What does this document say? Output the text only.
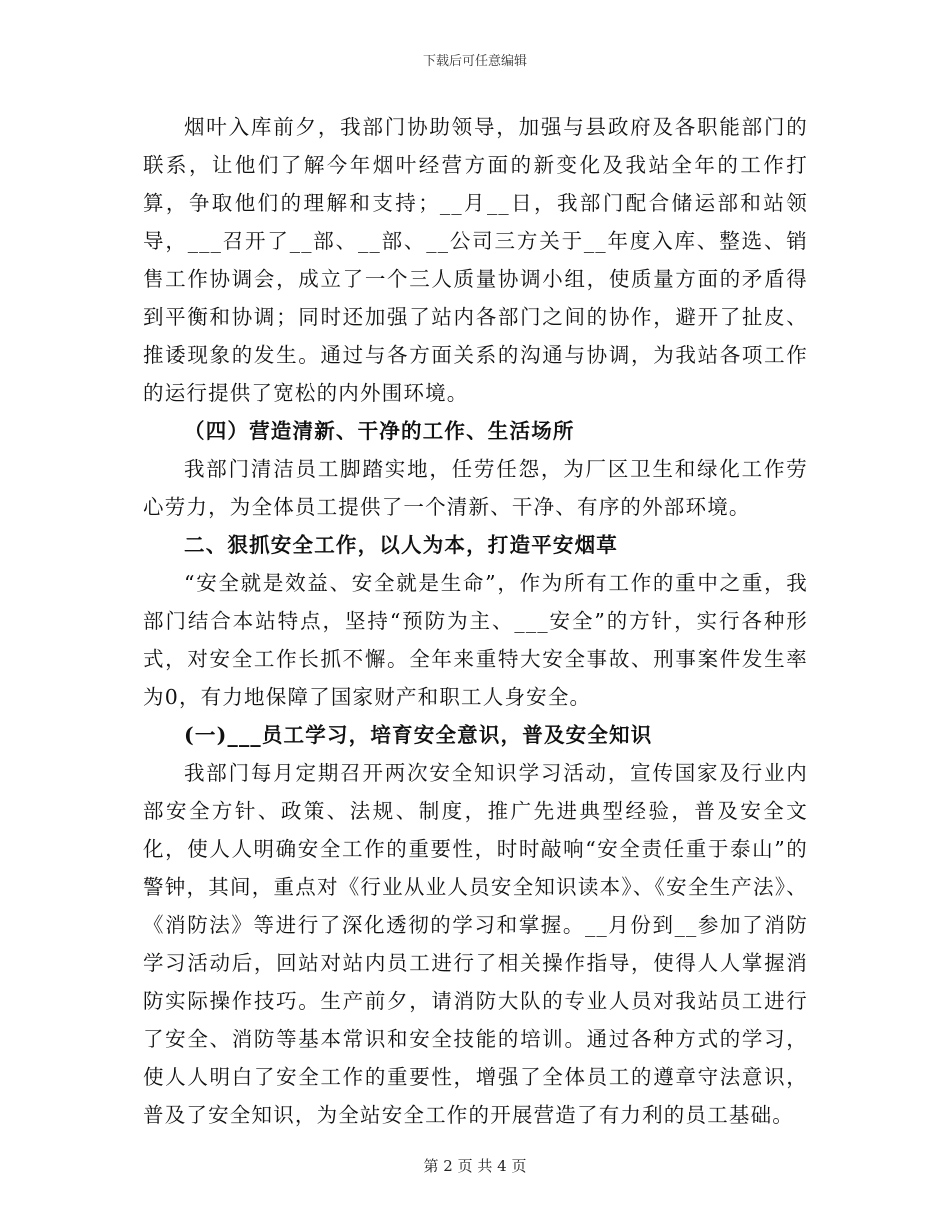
下载后可任意编辑

烟叶入库前夕，我部门协助领导，加强与县政府及各职能部门的联系，让他们了解今年烟叶经营方面的新变化及我站全年的工作打算，争取他们的理解和支持；__月__日，我部门配合储运部和站领导，___召开了__部、__部、__公司三方关于__年度入库、整选、销售工作协调会，成立了一个三人质量协调小组，使质量方面的矛盾得到平衡和协调；同时还加强了站内各部门之间的协作，避开了扯皮、推诿现象的发生。通过与各方面关系的沟通与协调，为我站各项工作的运行提供了宽松的内外围环境。

（四）营造清新、干净的工作、生活场所

我部门清洁员工脚踏实地，任劳任怨，为厂区卫生和绿化工作劳心劳力，为全体员工提供了一个清新、干净、有序的外部环境。

二、狠抓安全工作，以人为本，打造平安烟草

“安全就是效益、安全就是生命”，作为所有工作的重中之重，我部门结合本站特点，坚持“预防为主、___安全”的方针，实行各种形式，对安全工作长抓不懈。全年来重特大安全事故、刑事案件发生率为0，有力地保障了国家财产和职工人身安全。

(一)___员工学习，培育安全意识，普及安全知识

我部门每月定期召开两次安全知识学习活动，宣传国家及行业内部安全方针、政策、法规、制度，推广先进典型经验，普及安全文化，使人人明确安全工作的重要性，时时敲响“安全责任重于泰山”的警钟，其间，重点对《行业从业人员安全知识读本》、《安全生产法》、《消防法》等进行了深化透彻的学习和掌握。__月份到__参加了消防学习活动后，回站对站内员工进行了相关操作指导，使得人人掌握消防实际操作技巧。生产前夕，请消防大队的专业人员对我站员工进行了安全、消防等基本常识和安全技能的培训。通过各种方式的学习，使人人明白了安全工作的重要性，增强了全体员工的遵章守法意识，普及了安全知识，为全站安全工作的开展营造了有力利的员工基础。

第 2 页 共 4 页
